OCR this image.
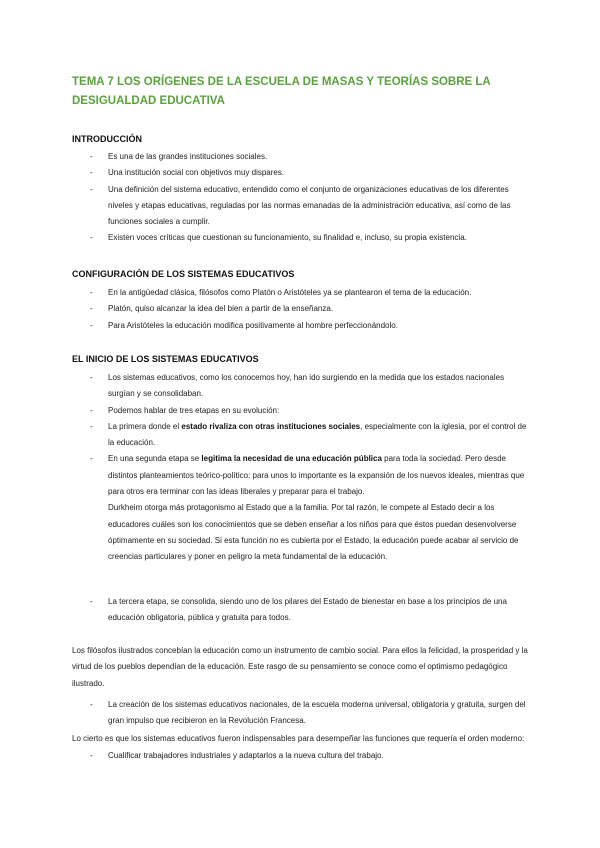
TEMA 7 LOS ORÍGENES DE LA ESCUELA DE MASAS Y TEORÍAS SOBRE LA DESIGUALDAD EDUCATIVA
INTRODUCCIÓN
- Es una de las grandes instituciones sociales.
- Una institución social con objetivos muy dispares.
- Una definición del sistema educativo, entendido como el conjunto de organizaciones educativas de los diferentes niveles y etapas educativas, reguladas por las normas emanadas de la administración educativa, así como de las funciones sociales a cumplir.
- Existen voces críticas que cuestionan su funcionamiento, su finalidad e, incluso, su propia existencia.
CONFIGURACIÓN DE LOS SISTEMAS EDUCATIVOS
- En la antigüedad clásica, filósofos como Platón o Aristóteles ya se plantearon el tema de la educación.
- Platón, quiso alcanzar la idea del bien a partir de la enseñanza.
- Para Aristóteles la educación modifica positivamente al hombre perfeccionándolo.
EL INICIO DE LOS SISTEMAS EDUCATIVOS
- Los sistemas educativos, como los conocemos hoy, han ido surgiendo en la medida que los estados nacionales surgían y se consolidaban.
- Podemos hablar de tres etapas en su evolución:
- La primera donde el estado rivaliza con otras instituciones sociales, especialmente con la iglesia, por el control de la educación.
- En una segunda etapa se legitima la necesidad de una educación pública para toda la sociedad. Pero desde distintos planteamientos teórico-político: para unos lo importante es la expansión de los nuevos ideales, mientras que para otros era terminar con las ideas liberales y preparar para el trabajo.
Durkheim otorga más protagonismo al Estado que a la familia. Por tal razón, le compete al Estado decir a los educadores cuáles son los conocimientos que se deben enseñar a los niños para que éstos puedan desenvolverse óptimamente en su sociedad. Si esta función no es cubierta por el Estado, la educación puede acabar al servicio de creencias particulares y poner en peligro la meta fundamental de la educación.
- La tercera etapa, se consolida, siendo uno de los pilares del Estado de bienestar en base a los principios de una educación obligatoria, pública y gratuita para todos.

Los filósofos ilustrados concebían la educación como un instrumento de cambio social. Para ellos la felicidad, la prosperidad y la virtud de los pueblos dependían de la educación. Este rasgo de su pensamiento se conoce como el optimismo pedagógico ilustrado.

- La creación de los sistemas educativos nacionales, de la escuela moderna universal, obligatoria y gratuita, surgen del gran impulso que recibieron en la Revolución Francesa.

Lo cierto es que los sistemas educativos fueron indispensables para desempeñar las funciones que requería el orden moderno:

- Cualificar trabajadores industriales y adaptarlos a la nueva cultura del trabajo.
